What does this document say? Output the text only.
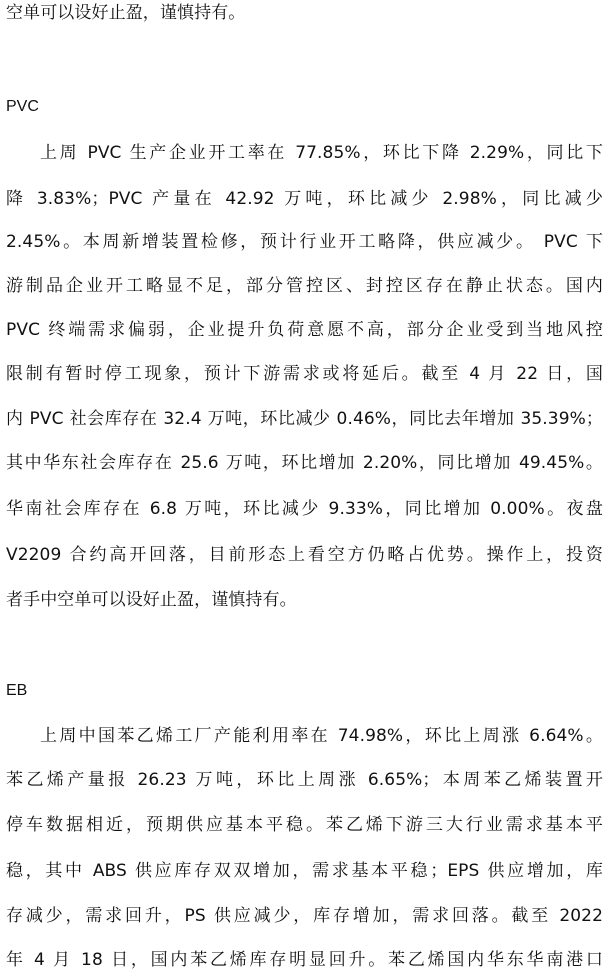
空单可以设好止盈，谨慎持有。
PVC
上周 PVC 生产企业开工率在 77.85%，环比下降 2.29%，同比下
降 3.83%；PVC 产量在 42.92 万吨，环比减少 2.98%，同比减少
2.45%。本周新增装置检修，预计行业开工略降，供应减少。 PVC 下
游制品企业开工略显不足，部分管控区、封控区存在静止状态。国内
PVC 终端需求偏弱，企业提升负荷意愿不高，部分企业受到当地风控
限制有暂时停工现象，预计下游需求或将延后。截至 4 月 22 日，国
内 PVC 社会库存在 32.4 万吨，环比减少 0.46%，同比去年增加 35.39%；
其中华东社会库存在 25.6 万吨，环比增加 2.20%，同比增加 49.45%。
华南社会库存在 6.8 万吨，环比减少 9.33%，同比增加 0.00%。夜盘
V2209 合约高开回落，目前形态上看空方仍略占优势。操作上，投资
者手中空单可以设好止盈，谨慎持有。
EB
上周中国苯乙烯工厂产能利用率在 74.98%，环比上周涨 6.64%。
苯乙烯产量报 26.23 万吨，环比上周涨 6.65%；本周苯乙烯装置开
停车数据相近，预期供应基本平稳。苯乙烯下游三大行业需求基本平
稳，其中 ABS 供应库存双双增加，需求基本平稳；EPS 供应增加，库
存减少，需求回升，PS 供应减少，库存增加，需求回落。截至 2022
年 4 月 18 日，国内苯乙烯库存明显回升。苯乙烯国内华东华南港口
